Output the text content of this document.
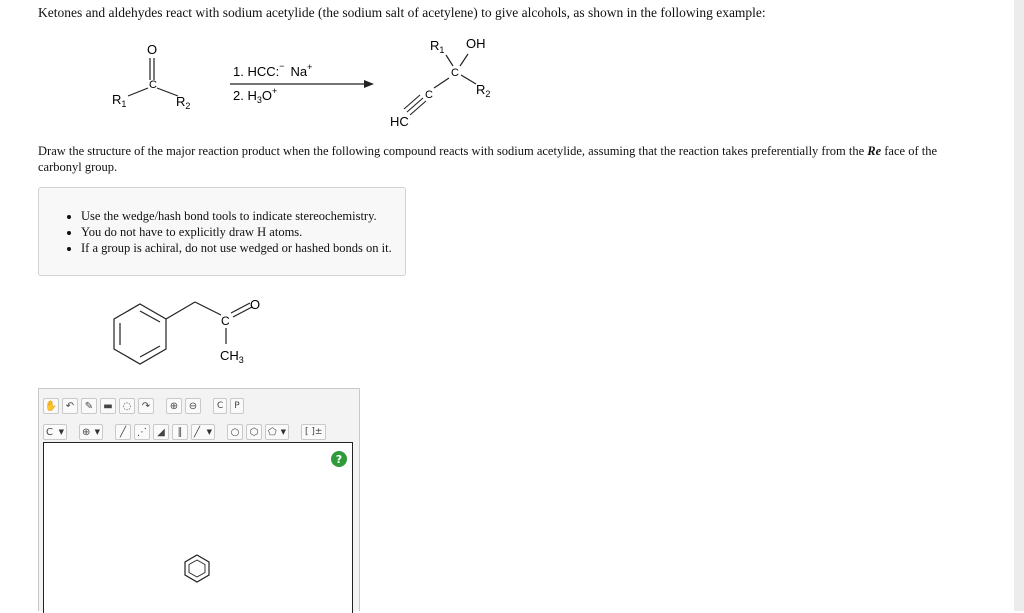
Ketones and aldehydes react with sodium acetylide (the sodium salt of acetylene) to give alcohols, as shown in the following example:
O
C
$R_1$	$R_2$
1. HCC:− Na+
2. $H_3O^+$
$R_1$ OH
C
$R_2$
C
HC
Draw the structure of the major reaction product when the following compound reacts with sodium acetylide, assuming that the reaction takes preferentially from the Re face of the carbonyl group.
• Use the wedge/hash bond tools to indicate stereochemistry.
• You do not have to explicitly draw H atoms.
• If a group is achiral, do not use wedged or hashed bonds on it.
C
O
$CH_3$
✋ ↶	✎	▬ ◌	↷	⊕	⊖	C	P
C ▼ ⊕ ▼	╱	⋰	◢	∥	╱ ▼	○	⬡ ⬠ ▼	[ ]±
?
